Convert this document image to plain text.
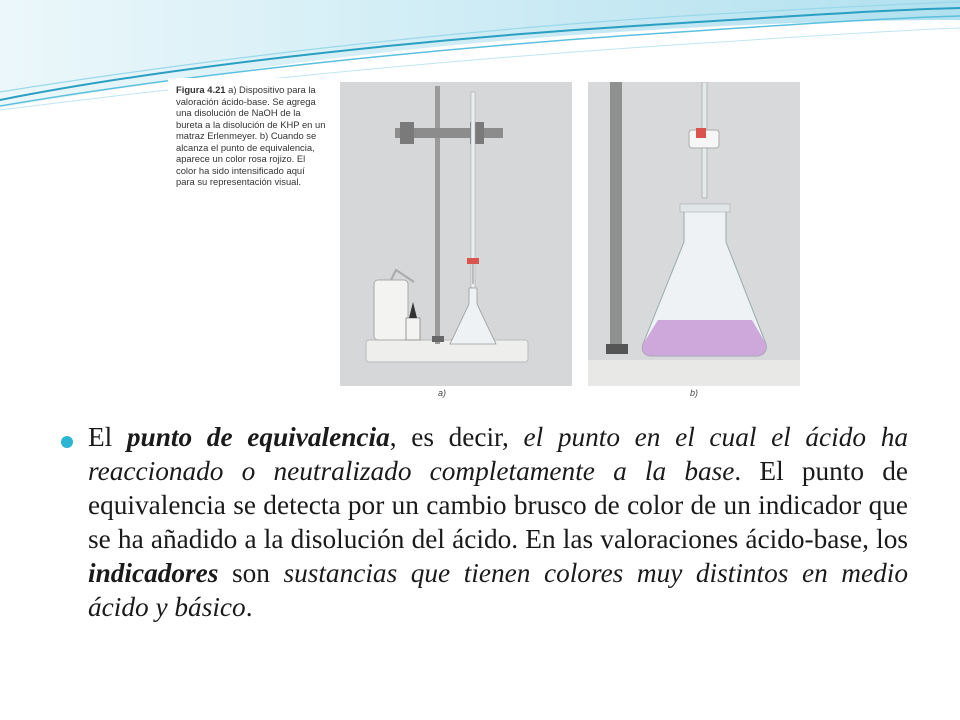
Figura 4.21 a) Dispositivo para la valoración ácido-base. Se agrega una disolución de NaOH de la bureta a la disolución de KHP en un matraz Erlenmeyer. b) Cuando se alcanza el punto de equivalencia, aparece un color rosa rojizo. El color ha sido intensificado aquí para su representación visual.
a)	b)
El punto de equivalencia, es decir, el punto en el cual el ácido ha reaccionado o neutralizado completamente a la base. El punto de equivalencia se detecta por un cambio brusco de color de un indicador que se ha añadido a la disolución del ácido. En las valoraciones ácido-base, los indicadores son sustancias que tienen colores muy distintos en medio ácido y básico.
